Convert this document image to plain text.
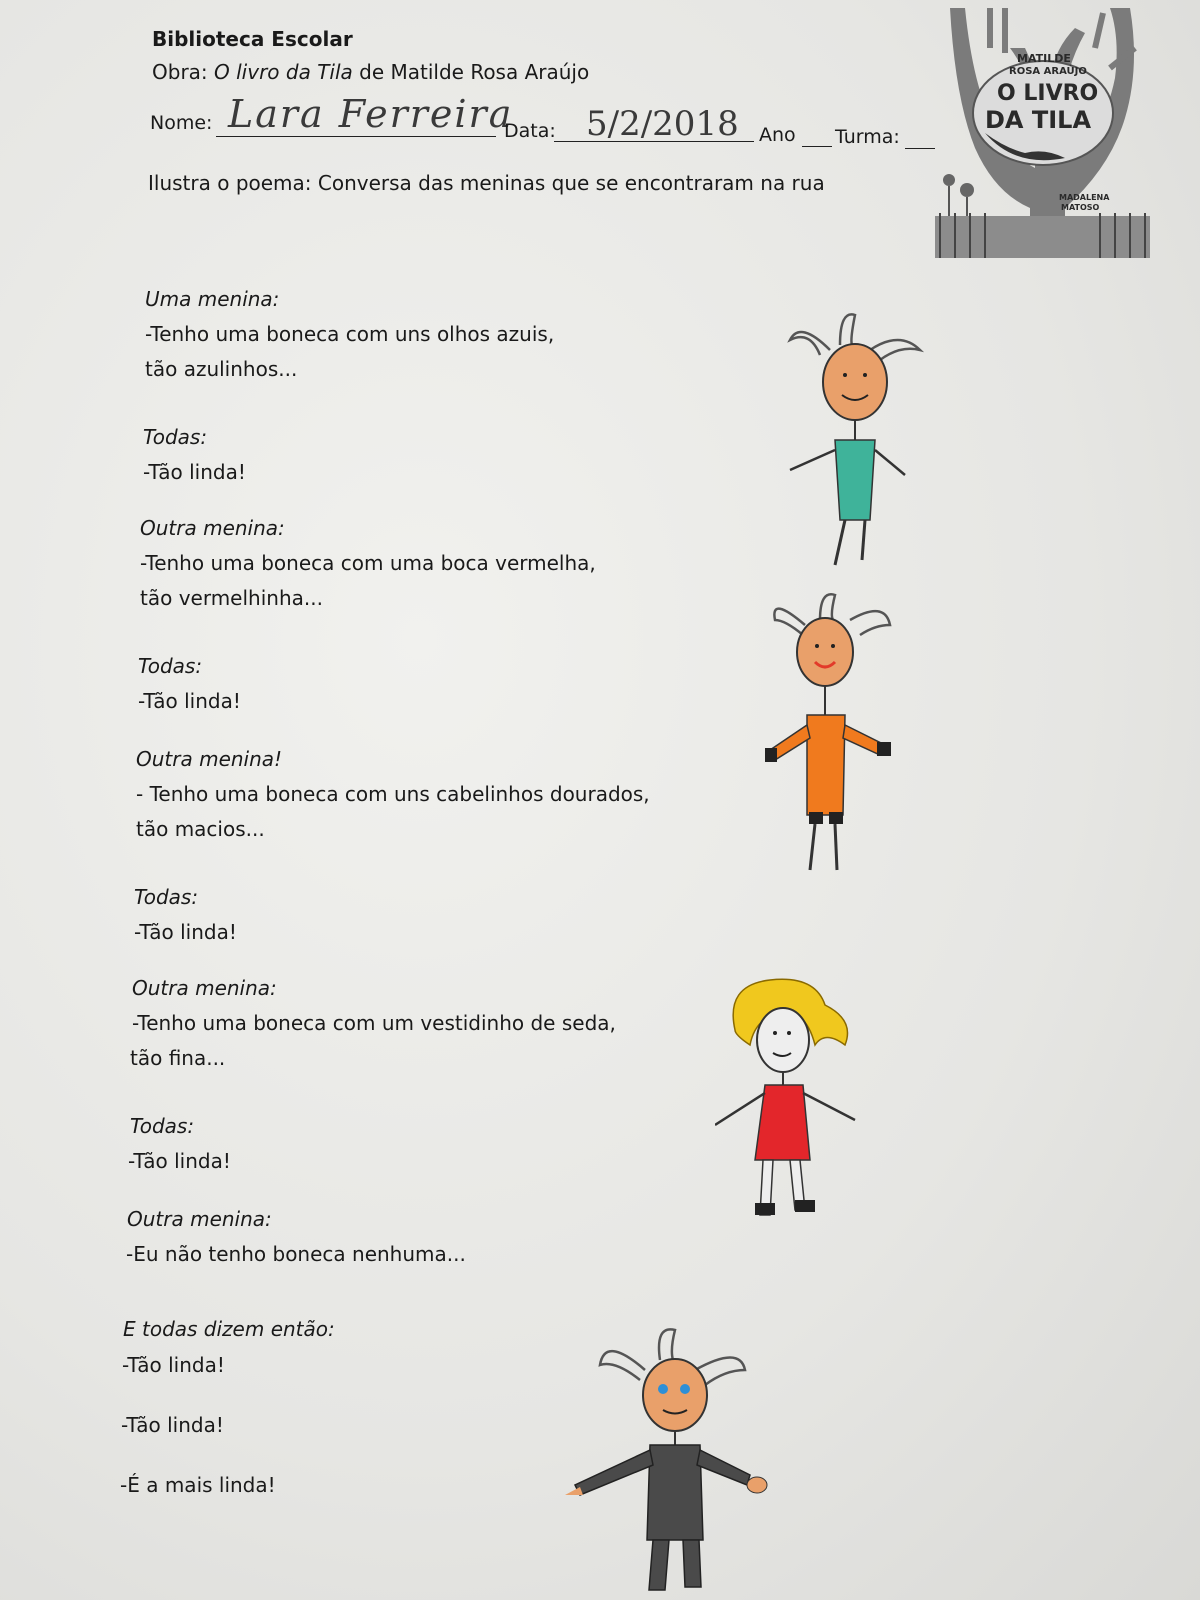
Biblioteca Escolar

Obra: O livro da Tila de Matilde Rosa Araújo

Nome: Lara Ferreira

Data: 5/2/2018 Ano Turma:

Ilustra o poema: Conversa das meninas que se encontraram na rua

MATILDE
ROSA ARAÚJO
O LIVRO
DA TILA
MADALENA
MATOSO

Uma menina:

-Tenho uma boneca com uns olhos azuis,

tão azulinhos...

Todas:

-Tão linda!

Outra menina:

-Tenho uma boneca com uma boca vermelha,

tão vermelhinha...

Todas:

-Tão linda!

Outra menina!

- Tenho uma boneca com uns cabelinhos dourados,

tão macios...

Todas:

-Tão linda!

Outra menina:

-Tenho uma boneca com um vestidinho de seda,

tão fina...

Todas:

-Tão linda!

Outra menina:

-Eu não tenho boneca nenhuma...

E todas dizem então:

-Tão linda!

-Tão linda!

-É a mais linda!
